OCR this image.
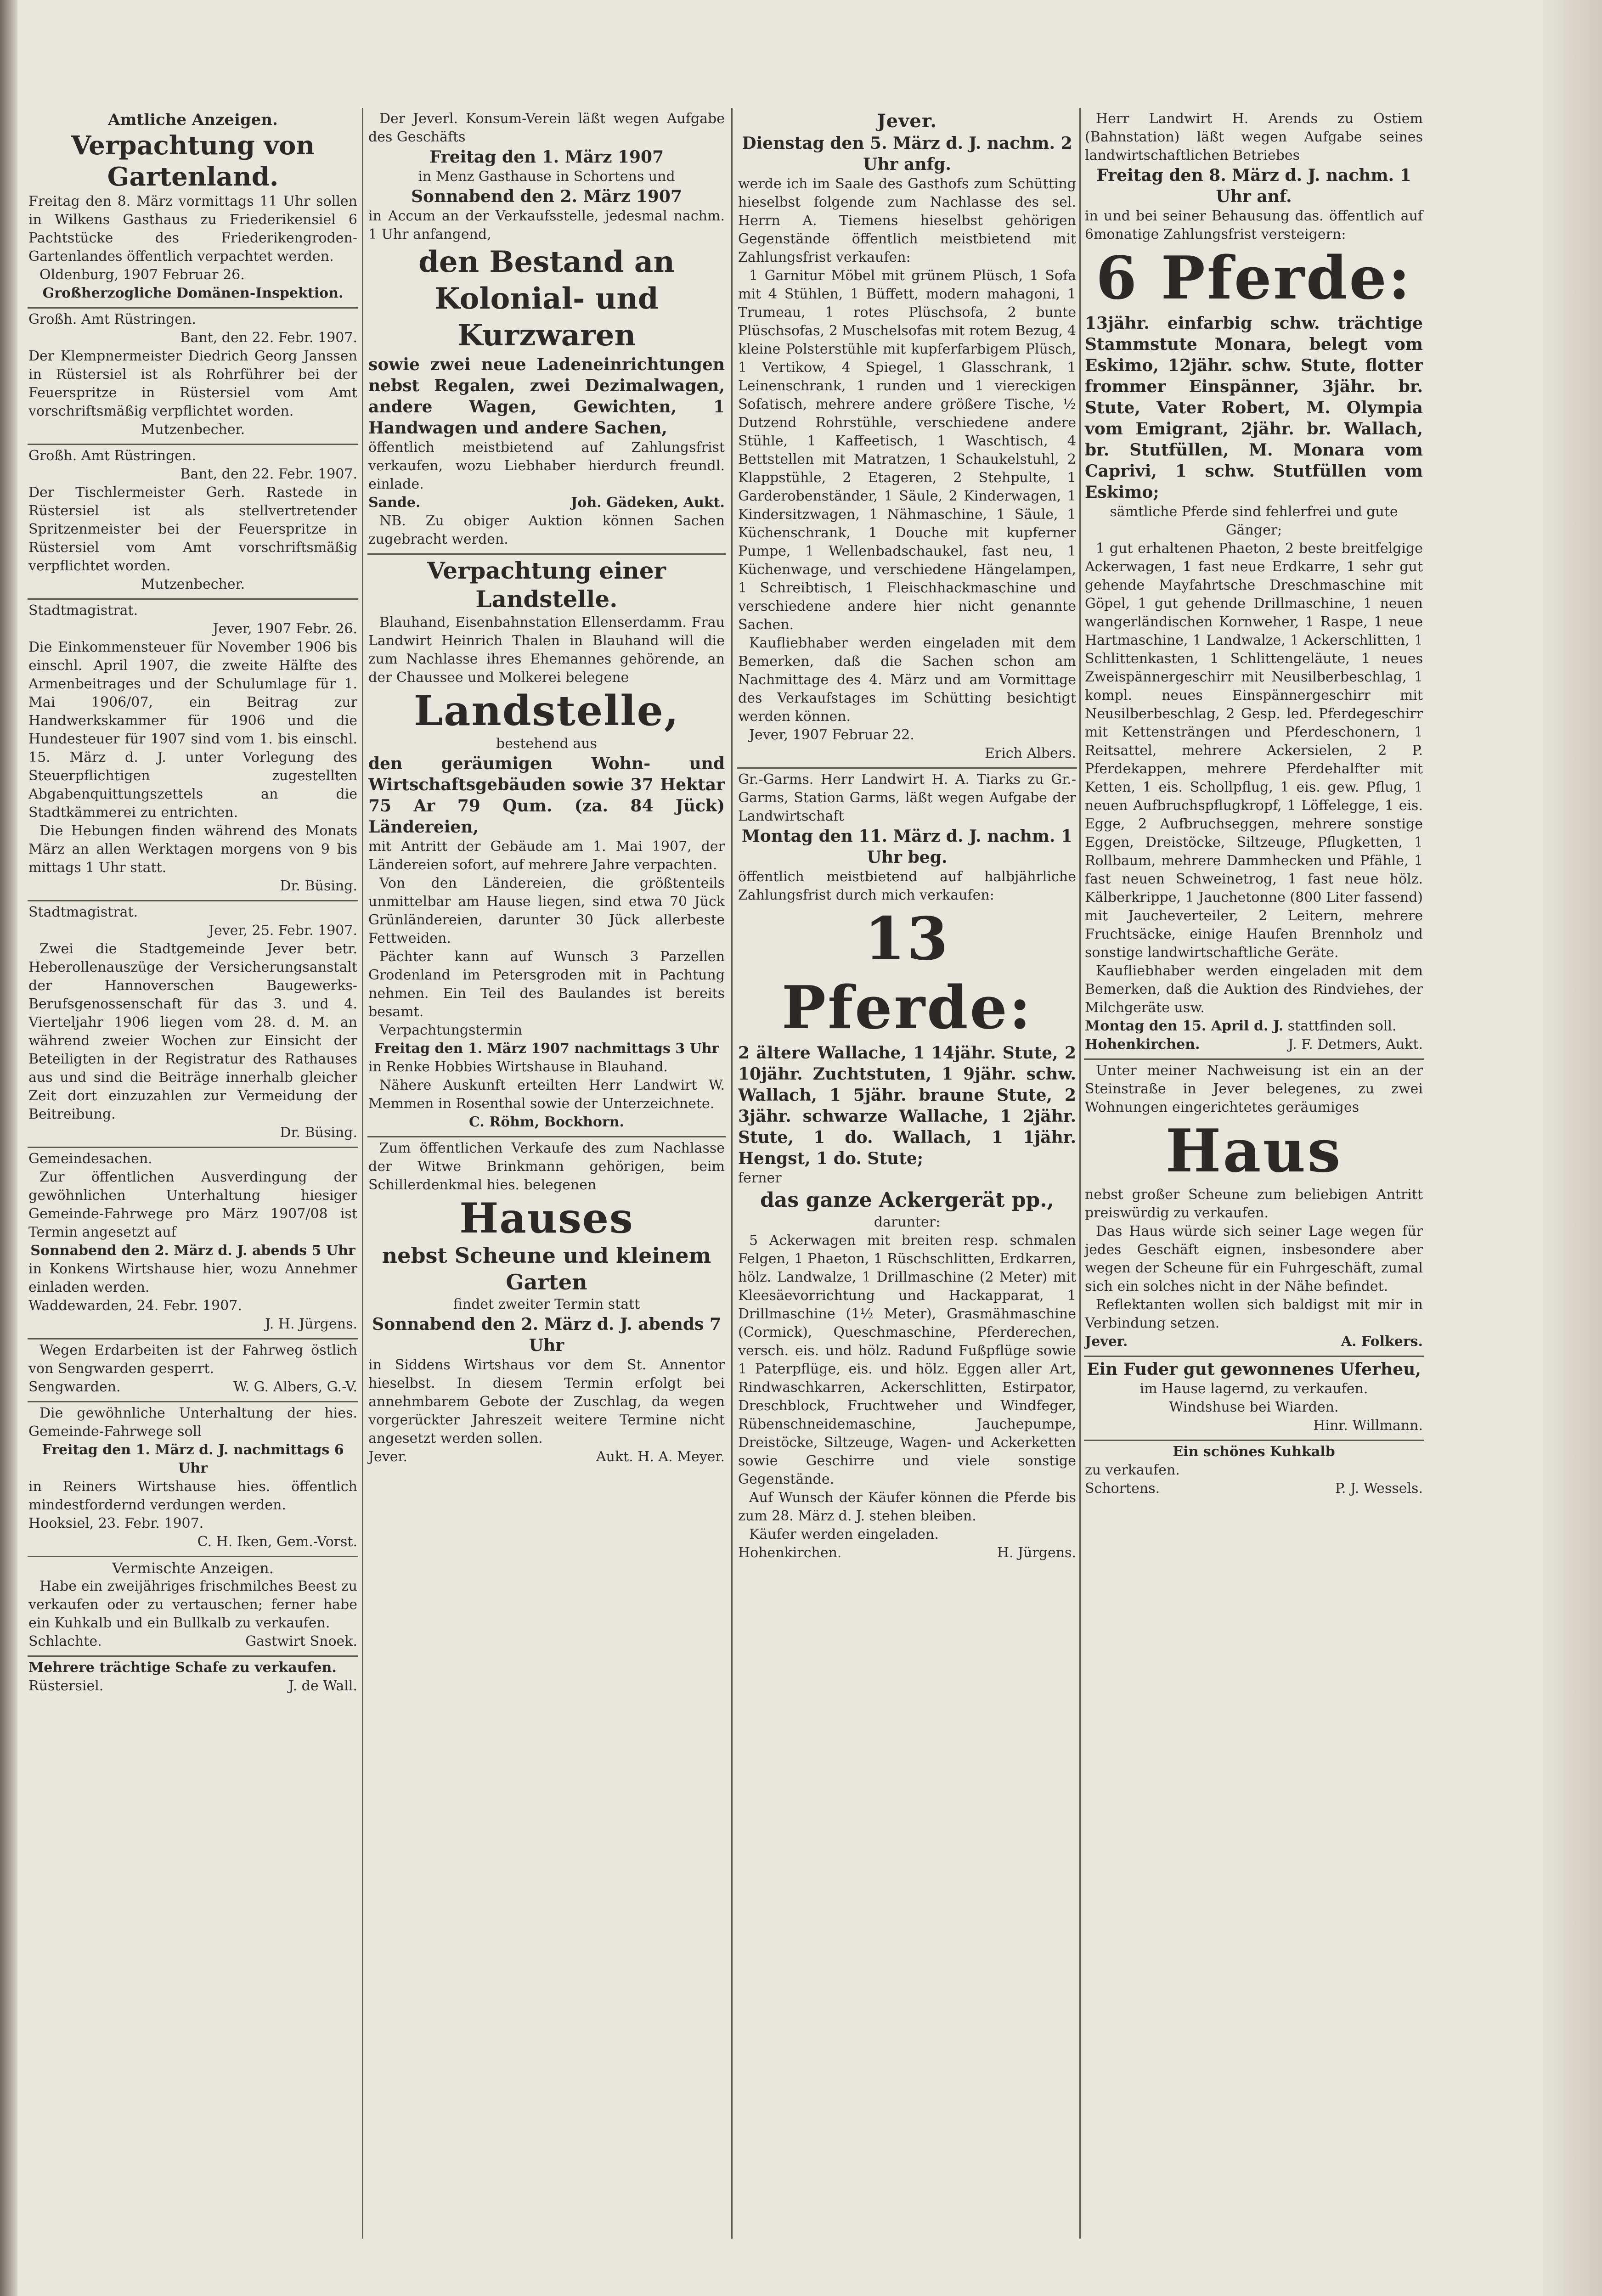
Amtliche Anzeigen.

Verpachtung von Gartenland.

Freitag den 8. März vormittags 11 Uhr sollen in Wilkens Gasthaus zu Friederikensiel 6 Pachtstücke des Friederikengroden-Gartenlandes öffentlich verpachtet werden.

Oldenburg, 1907 Februar 26.

Großherzogliche Domänen-Inspektion.

Großh. Amt Rüstringen.

Bant, den 22. Febr. 1907.

Der Klempnermeister Diedrich Georg Janssen in Rüstersiel ist als Rohrführer bei der Feuerspritze in Rüstersiel vom Amt vorschriftsmäßig verpflichtet worden.

Mutzenbecher.

Großh. Amt Rüstringen.

Bant, den 22. Febr. 1907.

Der Tischlermeister Gerh. Rastede in Rüstersiel ist als stellvertretender Spritzenmeister bei der Feuerspritze in Rüstersiel vom Amt vorschriftsmäßig verpflichtet worden.

Mutzenbecher.

Stadtmagistrat.

Jever, 1907 Febr. 26.

Die Einkommensteuer für November 1906 bis einschl. April 1907, die zweite Hälfte des Armenbeitrages und der Schulumlage für 1. Mai 1906/07, ein Beitrag zur Handwerkskammer für 1906 und die Hundesteuer für 1907 sind vom 1. bis einschl. 15. März d. J. unter Vorlegung des Steuerpflichtigen zugestellten Abgabenquittungszettels an die Stadtkämmerei zu entrichten.

Die Hebungen finden während des Monats März an allen Werktagen morgens von 9 bis mittags 1 Uhr statt.

Dr. Büsing.

Stadtmagistrat.

Jever, 25. Febr. 1907.

Zwei die Stadtgemeinde Jever betr. Heberollenauszüge der Versicherungsanstalt der Hannoverschen Baugewerks-Berufsgenossenschaft für das 3. und 4. Vierteljahr 1906 liegen vom 28. d. M. an während zweier Wochen zur Einsicht der Beteiligten in der Registratur des Rathauses aus und sind die Beiträge innerhalb gleicher Zeit dort einzuzahlen zur Vermeidung der Beitreibung.

Dr. Büsing.

Gemeindesachen.

Zur öffentlichen Ausverdingung der gewöhnlichen Unterhaltung hiesiger Gemeinde-Fahrwege pro März 1907/08 ist Termin angesetzt auf

Sonnabend den 2. März d. J. abends 5 Uhr

in Konkens Wirtshause hier, wozu Annehmer einladen werden.

Waddewarden, 24. Febr. 1907.

J. H. Jürgens.

Wegen Erdarbeiten ist der Fahrweg östlich von Sengwarden gesperrt.

Sengwarden.	W. G. Albers, G.-V.

Die gewöhnliche Unterhaltung der hies. Gemeinde-Fahrwege soll

Freitag den 1. März d. J. nachmittags 6 Uhr

in Reiners Wirtshause hies. öffentlich mindestfordernd verdungen werden.

Hooksiel, 23. Febr. 1907.

C. H. Iken, Gem.-Vorst.

Vermischte Anzeigen.

Habe ein zweijähriges frischmilches Beest zu verkaufen oder zu vertauschen; ferner habe ein Kuhkalb und ein Bullkalb zu verkaufen.

Schlachte.	Gastwirt Snoek.

Mehrere trächtige Schafe zu verkaufen.

Rüstersiel.	J. de Wall.

Der Jeverl. Konsum-Verein läßt wegen Aufgabe des Geschäfts

Freitag den 1. März 1907

in Menz Gasthause in Schortens und

Sonnabend den 2. März 1907

in Accum an der Verkaufsstelle, jedesmal nachm. 1 Uhr anfangend,

den Bestand an

Kolonial- und

Kurzwaren

sowie zwei neue Ladeneinrichtungen nebst Regalen, zwei Dezimalwagen, andere Wagen, Gewichten, 1 Handwagen und andere Sachen,

öffentlich meistbietend auf Zahlungsfrist verkaufen, wozu Liebhaber hierdurch freundl. einlade.

Sande.	Joh. Gädeken, Aukt.

NB. Zu obiger Auktion können Sachen zugebracht werden.

Verpachtung einer Landstelle.

Blauhand, Eisenbahnstation Ellenserdamm. Frau Landwirt Heinrich Thalen in Blauhand will die zum Nachlasse ihres Ehemannes gehörende, an der Chaussee und Molkerei belegene

Landstelle,

bestehend aus

den geräumigen Wohn- und Wirtschaftsgebäuden sowie 37 Hektar 75 Ar 79 Qum. (za. 84 Jück) Ländereien,

mit Antritt der Gebäude am 1. Mai 1907, der Ländereien sofort, auf mehrere Jahre verpachten.

Von den Ländereien, die größtenteils unmittelbar am Hause liegen, sind etwa 70 Jück Grünländereien, darunter 30 Jück allerbeste Fettweiden.

Pächter kann auf Wunsch 3 Parzellen Grodenland im Petersgroden mit in Pachtung nehmen. Ein Teil des Baulandes ist bereits besamt.

Verpachtungstermin

Freitag den 1. März 1907 nachmittags 3 Uhr

in Renke Hobbies Wirtshause in Blauhand.

Nähere Auskunft erteilten Herr Landwirt W. Memmen in Rosenthal sowie der Unterzeichnete.

C. Röhm, Bockhorn.

Zum öffentlichen Verkaufe des zum Nachlasse der Witwe Brinkmann gehörigen, beim Schillerdenkmal hies. belegenen

Hauses

nebst Scheune und kleinem Garten

findet zweiter Termin statt

Sonnabend den 2. März d. J. abends 7 Uhr

in Siddens Wirtshaus vor dem St. Annentor hieselbst. In diesem Termin erfolgt bei annehmbarem Gebote der Zuschlag, da wegen vorgerückter Jahreszeit weitere Termine nicht angesetzt werden sollen.

Jever.	Aukt. H. A. Meyer.

Jever.

Dienstag den 5. März d. J. nachm. 2 Uhr anfg.

werde ich im Saale des Gasthofs zum Schütting hieselbst folgende zum Nachlasse des sel. Herrn A. Tiemens hieselbst gehörigen Gegenstände öffentlich meistbietend mit Zahlungsfrist verkaufen:

1 Garnitur Möbel mit grünem Plüsch, 1 Sofa mit 4 Stühlen, 1 Büffett, modern mahagoni, 1 Trumeau, 1 rotes Plüschsofa, 2 bunte Plüschsofas, 2 Muschelsofas mit rotem Bezug, 4 kleine Polsterstühle mit kupferfarbigem Plüsch, 1 Vertikow, 4 Spiegel, 1 Glasschrank, 1 Leinenschrank, 1 runden und 1 viereckigen Sofatisch, mehrere andere größere Tische, ½ Dutzend Rohrstühle, verschiedene andere Stühle, 1 Kaffeetisch, 1 Waschtisch, 4 Bettstellen mit Matratzen, 1 Schaukelstuhl, 2 Klappstühle, 2 Etageren, 2 Stehpulte, 1 Garderobenständer, 1 Säule, 2 Kinderwagen, 1 Kindersitzwagen, 1 Nähmaschine, 1 Säule, 1 Küchenschrank, 1 Douche mit kupferner Pumpe, 1 Wellenbadschaukel, fast neu, 1 Küchenwage, und verschiedene Hängelampen, 1 Schreibtisch, 1 Fleischhackmaschine und verschiedene andere hier nicht genannte Sachen.

Kaufliebhaber werden eingeladen mit dem Bemerken, daß die Sachen schon am Nachmittage des 4. März und am Vormittage des Verkaufstages im Schütting besichtigt werden können.

Jever, 1907 Februar 22.

Erich Albers.

Gr.-Garms. Herr Landwirt H. A. Tiarks zu Gr.-Garms, Station Garms, läßt wegen Aufgabe der Landwirtschaft

Montag den 11. März d. J. nachm. 1 Uhr beg.

öffentlich meistbietend auf halbjährliche Zahlungsfrist durch mich verkaufen:

13 Pferde:

2 ältere Wallache, 1 14jähr. Stute, 2 10jähr. Zuchtstuten, 1 9jähr. schw. Wallach, 1 5jähr. braune Stute, 2 3jähr. schwarze Wallache, 1 2jähr. Stute, 1 do. Wallach, 1 1jähr. Hengst, 1 do. Stute;

ferner

das ganze Ackergerät pp.,

darunter:

5 Ackerwagen mit breiten resp. schmalen Felgen, 1 Phaeton, 1 Rüschschlitten, Erdkarren, hölz. Landwalze, 1 Drillmaschine (2 Meter) mit Kleesäevorrichtung und Hackapparat, 1 Drillmaschine (1½ Meter), Grasmähmaschine (Cormick), Queschmaschine, Pferderechen, versch. eis. und hölz. Radund Fußpflüge sowie 1 Paterpflüge, eis. und hölz. Eggen aller Art, Rindwaschkarren, Ackerschlitten, Estirpator, Dreschblock, Fruchtweher und Windfeger, Rübenschneidemaschine, Jauchepumpe, Dreistöcke, Siltzeuge, Wagen- und Ackerketten sowie Geschirre und viele sonstige Gegenstände.

Auf Wunsch der Käufer können die Pferde bis zum 28. März d. J. stehen bleiben.

Käufer werden eingeladen.

Hohenkirchen.	H. Jürgens.

Herr Landwirt H. Arends zu Ostiem (Bahnstation) läßt wegen Aufgabe seines landwirtschaftlichen Betriebes

Freitag den 8. März d. J. nachm. 1 Uhr anf.

in und bei seiner Behausung das. öffentlich auf 6monatige Zahlungsfrist versteigern:

6 Pferde:

13jähr. einfarbig schw. trächtige Stammstute Monara, belegt vom Eskimo, 12jähr. schw. Stute, flotter frommer Einspänner, 3jähr. br. Stute, Vater Robert, M. Olympia vom Emigrant, 2jähr. br. Wallach, br. Stutfüllen, M. Monara vom Caprivi, 1 schw. Stutfüllen vom Eskimo;

sämtliche Pferde sind fehlerfrei und gute Gänger;

1 gut erhaltenen Phaeton, 2 beste breitfelgige Ackerwagen, 1 fast neue Erdkarre, 1 sehr gut gehende Mayfahrtsche Dreschmaschine mit Göpel, 1 gut gehende Drillmaschine, 1 neuen wangerländischen Kornweher, 1 Raspe, 1 neue Hartmaschine, 1 Landwalze, 1 Ackerschlitten, 1 Schlittenkasten, 1 Schlittengeläute, 1 neues Zweispännergeschirr mit Neusilberbeschlag, 1 kompl. neues Einspännergeschirr mit Neusilberbeschlag, 2 Gesp. led. Pferdegeschirr mit Kettensträngen und Pferdeschonern, 1 Reitsattel, mehrere Ackersielen, 2 P. Pferdekappen, mehrere Pferdehalfter mit Ketten, 1 eis. Schollpflug, 1 eis. gew. Pflug, 1 neuen Aufbruchspflugkropf, 1 Löffelegge, 1 eis. Egge, 2 Aufbruchseggen, mehrere sonstige Eggen, Dreistöcke, Siltzeuge, Pflugketten, 1 Rollbaum, mehrere Dammhecken und Pfähle, 1 fast neuen Schweinetrog, 1 fast neue hölz. Kälberkrippe, 1 Jauchetonne (800 Liter fassend) mit Jaucheverteiler, 2 Leitern, mehrere Fruchtsäcke, einige Haufen Brennholz und sonstige landwirtschaftliche Geräte.

Kaufliebhaber werden eingeladen mit dem Bemerken, daß die Auktion des Rindviehes, der Milchgeräte usw.

Montag den 15. April d. J. stattfinden soll.

Hohenkirchen.	J. F. Detmers, Aukt.

Unter meiner Nachweisung ist ein an der Steinstraße in Jever belegenes, zu zwei Wohnungen eingerichtetes geräumiges

Haus

nebst großer Scheune zum beliebigen Antritt preiswürdig zu verkaufen.

Das Haus würde sich seiner Lage wegen für jedes Geschäft eignen, insbesondere aber wegen der Scheune für ein Fuhrgeschäft, zumal sich ein solches nicht in der Nähe befindet.

Reflektanten wollen sich baldigst mit mir in Verbindung setzen.

Jever.	A. Folkers.

Ein Fuder gut gewonnenes Uferheu,

im Hause lagernd, zu verkaufen.

Windshuse bei Wiarden.

Hinr. Willmann.

Ein schönes Kuhkalb

zu verkaufen.

Schortens.	P. J. Wessels.
